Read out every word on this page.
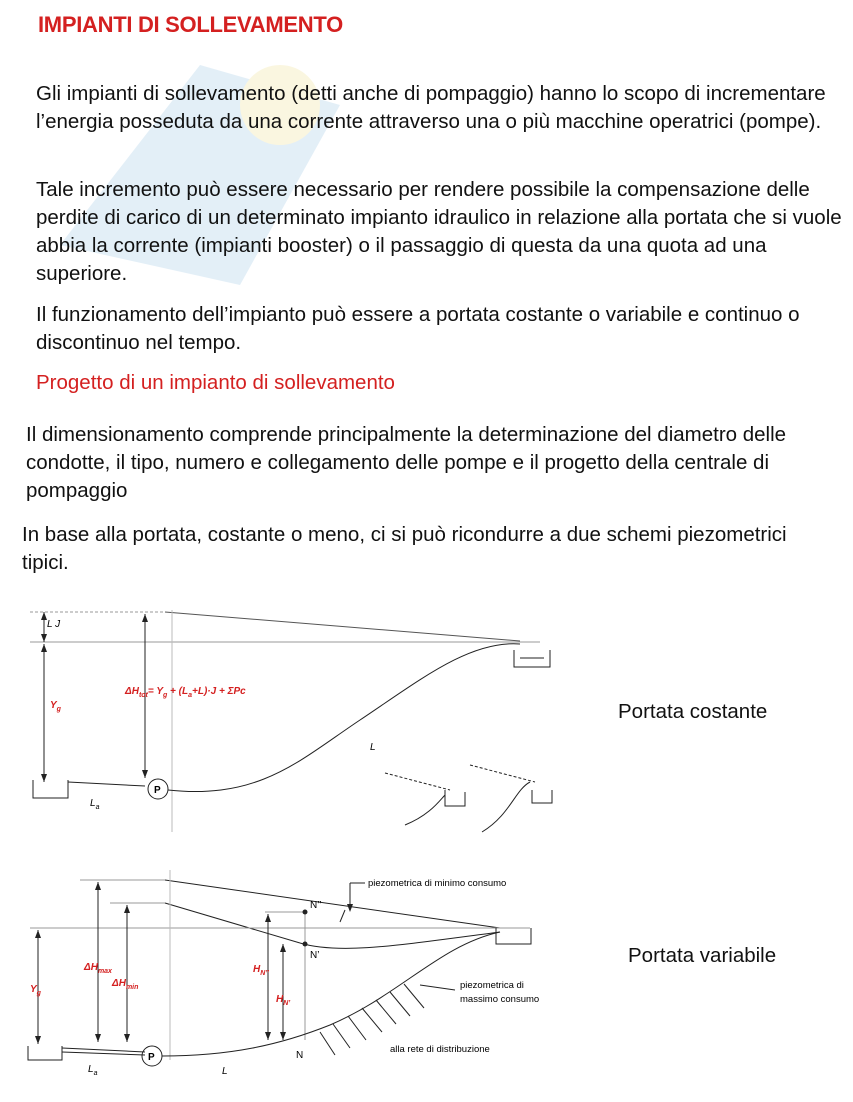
IMPIANTI DI SOLLEVAMENTO
Gli impianti di sollevamento (detti anche di pompaggio) hanno lo scopo di incrementare l’energia posseduta da una corrente attraverso una o più macchine operatrici (pompe).
Tale incremento può essere necessario per rendere possibile la compensazione delle perdite di carico di un determinato impianto idraulico in relazione alla portata che si vuole abbia la corrente (impianti booster) o il passaggio di questa da una quota ad una superiore.
Il funzionamento dell’impianto può essere a portata costante o variabile e continuo o discontinuo nel tempo.
Progetto di un impianto di sollevamento
Il dimensionamento comprende principalmente la determinazione del diametro delle condotte, il tipo, numero e collegamento delle pompe e il progetto della centrale di pompaggio
In base alla portata, costante o meno, ci si può ricondurre a due schemi piezometrici tipici.
Portata costante
Portata variabile
L J
$Y_g$
$\Delta H_{tot}= Y_g + (L_a+L)\cdot J + \Sigma Pc$
P
L
$L_a$
piezometrica di minimo consumo
piezometrica di
massimo consumo
alla rete di distribuzione
N’’
N’
N
$\Delta H_{max}$
$\Delta H_{min}$
$H_{N’’}$
$H_{N’}$
$Y_g$
P
L
$L_a$
